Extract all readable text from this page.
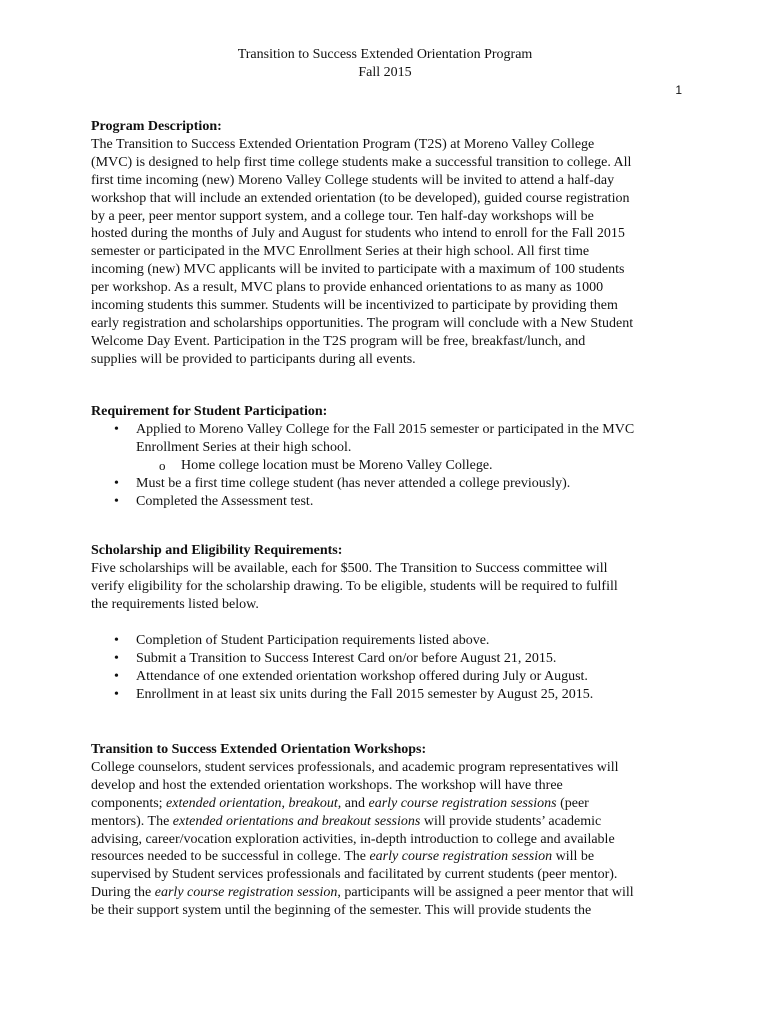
Transition to Success Extended Orientation Program
Fall 2015
1
Program Description:
The Transition to Success Extended Orientation Program (T2S) at Moreno Valley College
(MVC) is designed to help first time college students make a successful transition to college. All
first time incoming (new) Moreno Valley College students will be invited to attend a half-day
workshop that will include an extended orientation (to be developed), guided course registration
by a peer, peer mentor support system, and a college tour. Ten half-day workshops will be
hosted during the months of July and August for students who intend to enroll for the Fall 2015
semester or participated in the MVC Enrollment Series at their high school. All first time
incoming (new) MVC applicants will be invited to participate with a maximum of 100 students
per workshop. As a result, MVC plans to provide enhanced orientations to as many as 1000
incoming students this summer. Students will be incentivized to participate by providing them
early registration and scholarships opportunities. The program will conclude with a New Student
Welcome Day Event. Participation in the T2S program will be free, breakfast/lunch, and
supplies will be provided to participants during all events.
Requirement for Student Participation:
• Applied to Moreno Valley College for the Fall 2015 semester or participated in the MVC
Enrollment Series at their high school.
o Home college location must be Moreno Valley College.
• Must be a first time college student (has never attended a college previously).
• Completed the Assessment test.
Scholarship and Eligibility Requirements:
Five scholarships will be available, each for $500. The Transition to Success committee will
verify eligibility for the scholarship drawing. To be eligible, students will be required to fulfill
the requirements listed below.
• Completion of Student Participation requirements listed above.
• Submit a Transition to Success Interest Card on/or before August 21, 2015.
• Attendance of one extended orientation workshop offered during July or August.
• Enrollment in at least six units during the Fall 2015 semester by August 25, 2015.
Transition to Success Extended Orientation Workshops:
College counselors, student services professionals, and academic program representatives will
develop and host the extended orientation workshops. The workshop will have three
components; extended orientation, breakout, and early course registration sessions (peer
mentors). The extended orientations and breakout sessions will provide students’ academic
advising, career/vocation exploration activities, in-depth introduction to college and available
resources needed to be successful in college. The early course registration session will be
supervised by Student services professionals and facilitated by current students (peer mentor).
During the early course registration session, participants will be assigned a peer mentor that will
be their support system until the beginning of the semester. This will provide students the
